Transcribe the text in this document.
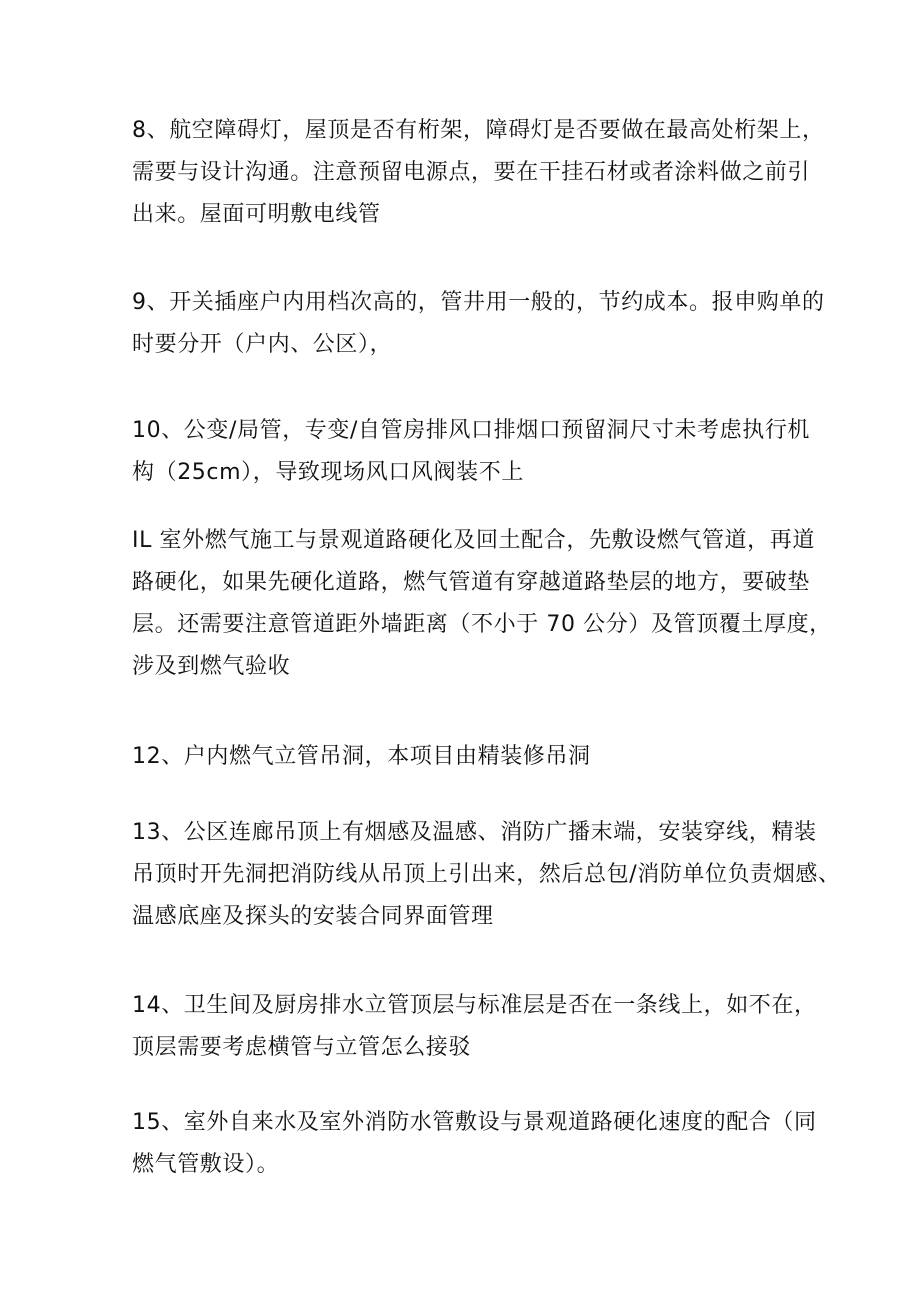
8、航空障碍灯，屋顶是否有桁架，障碍灯是否要做在最高处桁架上，
需要与设计沟通。注意预留电源点，要在干挂石材或者涂料做之前引
出来。屋面可明敷电线管
9、开关插座户内用档次高的，管井用一般的，节约成本。报申购单的
时要分开（户内、公区），
10、公变/局管，专变/自管房排风口排烟口预留洞尺寸未考虑执行机
构（25cm），导致现场风口风阀装不上
IL 室外燃气施工与景观道路硬化及回土配合，先敷设燃气管道，再道
路硬化，如果先硬化道路，燃气管道有穿越道路垫层的地方，要破垫
层。还需要注意管道距外墙距离（不小于 70 公分）及管顶覆土厚度，
涉及到燃气验收
12、户内燃气立管吊洞，本项目由精装修吊洞
13、公区连廊吊顶上有烟感及温感、消防广播末端，安装穿线，精装
吊顶时开先洞把消防线从吊顶上引出来，然后总包/消防单位负责烟感、
温感底座及探头的安装合同界面管理
14、卫生间及厨房排水立管顶层与标准层是否在一条线上，如不在，
顶层需要考虑横管与立管怎么接驳
15、室外自来水及室外消防水管敷设与景观道路硬化速度的配合（同
燃气管敷设）。
